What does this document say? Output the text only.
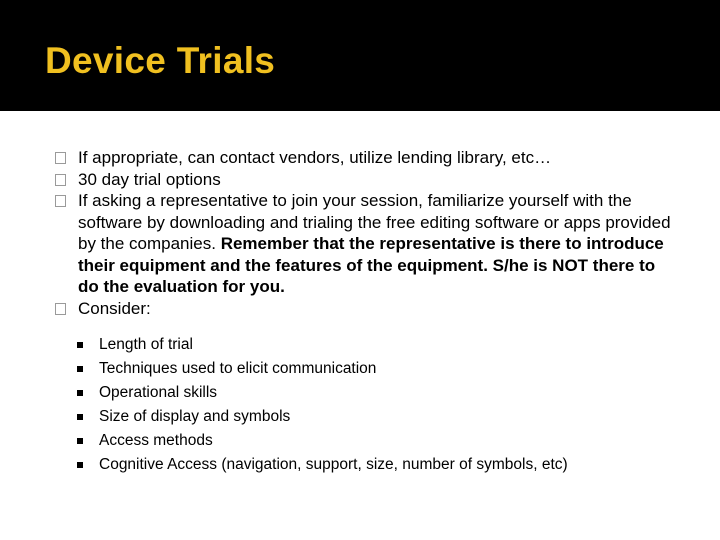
Device Trials
If appropriate, can contact vendors, utilize lending library, etc…
30 day trial options
If asking a representative to join your session, familiarize yourself with the software by downloading and trialing the free editing software or apps provided by the companies. Remember that the representative is there to introduce their equipment and the features of the equipment. S/he is NOT there to do the evaluation for you.
Consider:
Length of trial
Techniques used to elicit communication
Operational skills
Size of display and symbols
Access methods
Cognitive Access (navigation, support, size, number of symbols, etc)
